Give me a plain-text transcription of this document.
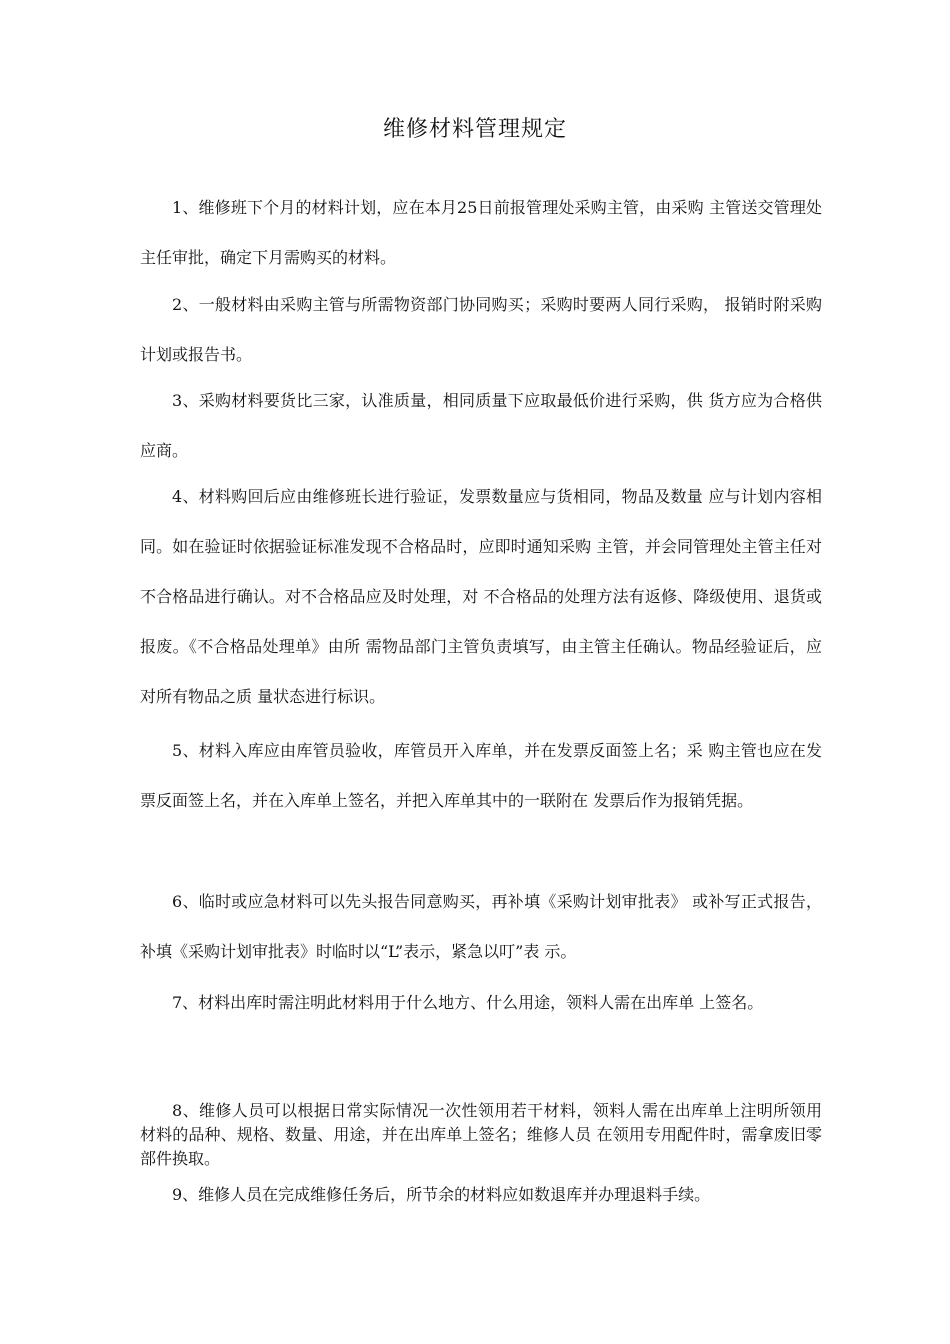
维修材料管理规定
1、维修班下个月的材料计划，应在本月25日前报管理处采购主管，由采购 主管送交管理处主任审批，确定下月需购买的材料。
2、一般材料由采购主管与所需物资部门协同购买；采购时要两人同行采购， 报销时附采购计划或报告书。
3、采购材料要货比三家，认准质量，相同质量下应取最低价进行采购，供 货方应为合格供应商。
4、材料购回后应由维修班长进行验证，发票数量应与货相同，物品及数量 应与计划内容相同。如在验证时依据验证标准发现不合格品时，应即时通知采购 主管，并会同管理处主管主任对不合格品进行确认。对不合格品应及时处理，对 不合格品的处理方法有返修、降级使用、退货或报废。《不合格品处理单》由所 需物品部门主管负责填写，由主管主任确认。物品经验证后，应对所有物品之质 量状态进行标识。
5、材料入库应由库管员验收，库管员开入库单，并在发票反面签上名；采 购主管也应在发票反面签上名，并在入库单上签名，并把入库单其中的一联附在 发票后作为报销凭据。
6、临时或应急材料可以先头报告同意购买，再补填《采购计划审批表》 或补写正式报告，补填《采购计划审批表》时临时以“L”表示，紧急以叮”表 示。
7、材料出库时需注明此材料用于什么地方、什么用途，领料人需在出库单 上签名。
8、维修人员可以根据日常实际情况一次性领用若干材料，领料人需在出库单上注明所领用材料的品种、规格、数量、用途，并在出库单上签名；维修人员 在领用专用配件时，需拿废旧零部件换取。
9、维修人员在完成维修任务后，所节余的材料应如数退库并办理退料手续。
